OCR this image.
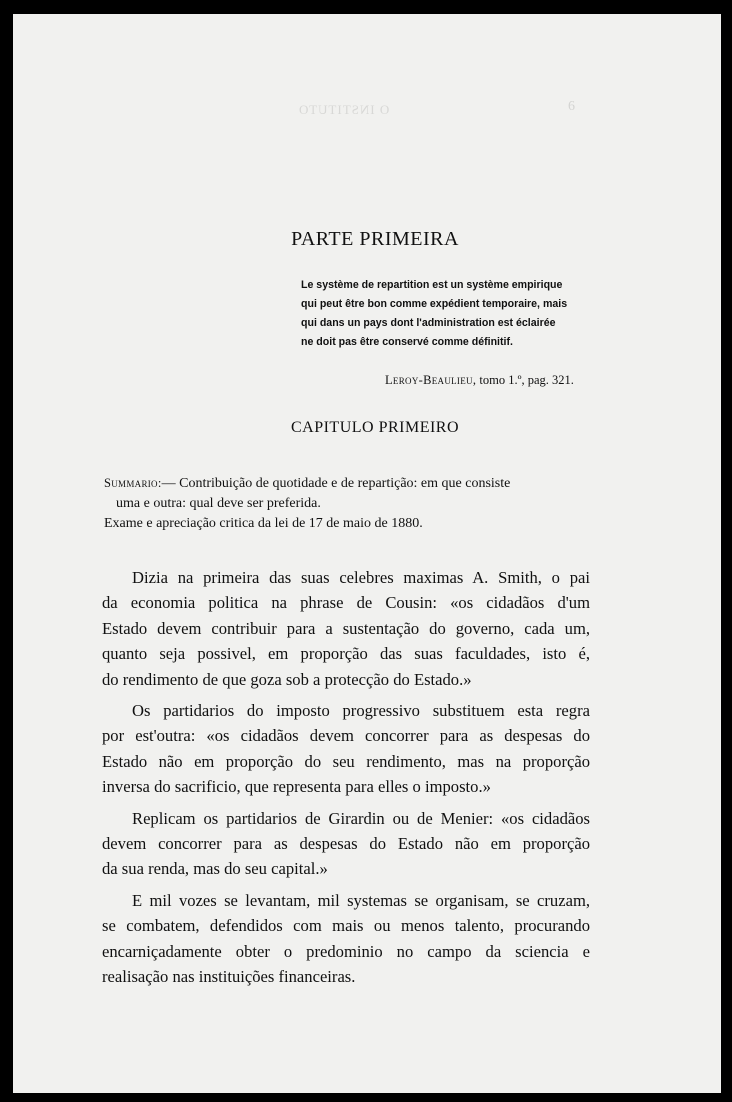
O INSTITUTO	6
PARTE PRIMEIRA
Le système de repartition est un système empirique
qui peut être bon comme expédient temporaire, mais
qui dans un pays dont l'administration est éclairée
ne doit pas être conservé comme définitif.
Leroy-Beaulieu, tomo 1.º, pag. 321.
CAPITULO PRIMEIRO
Summario:— Contribuição de quotidade e de repartição: em que consiste
uma e outra: qual deve ser preferida.
Exame e apreciação critica da lei de 17 de maio de 1880.
Dizia na primeira das suas celebres maximas A. Smith, o pai
da economia politica na phrase de Cousin: «os cidadãos d'um
Estado devem contribuir para a sustentação do governo, cada um,
quanto seja possivel, em proporção das suas faculdades, isto é,
do rendimento de que goza sob a protecção do Estado.»
Os partidarios do imposto progressivo substituem esta regra
por est'outra: «os cidadãos devem concorrer para as despesas do
Estado não em proporção do seu rendimento, mas na proporção
inversa do sacrificio, que representa para elles o imposto.»
Replicam os partidarios de Girardin ou de Menier: «os cidadãos
devem concorrer para as despesas do Estado não em proporção
da sua renda, mas do seu capital.»
E mil vozes se levantam, mil systemas se organisam, se cruzam,
se combatem, defendidos com mais ou menos talento, procurando
encarniçadamente obter o predominio no campo da sciencia e
realisação nas instituições financeiras.
